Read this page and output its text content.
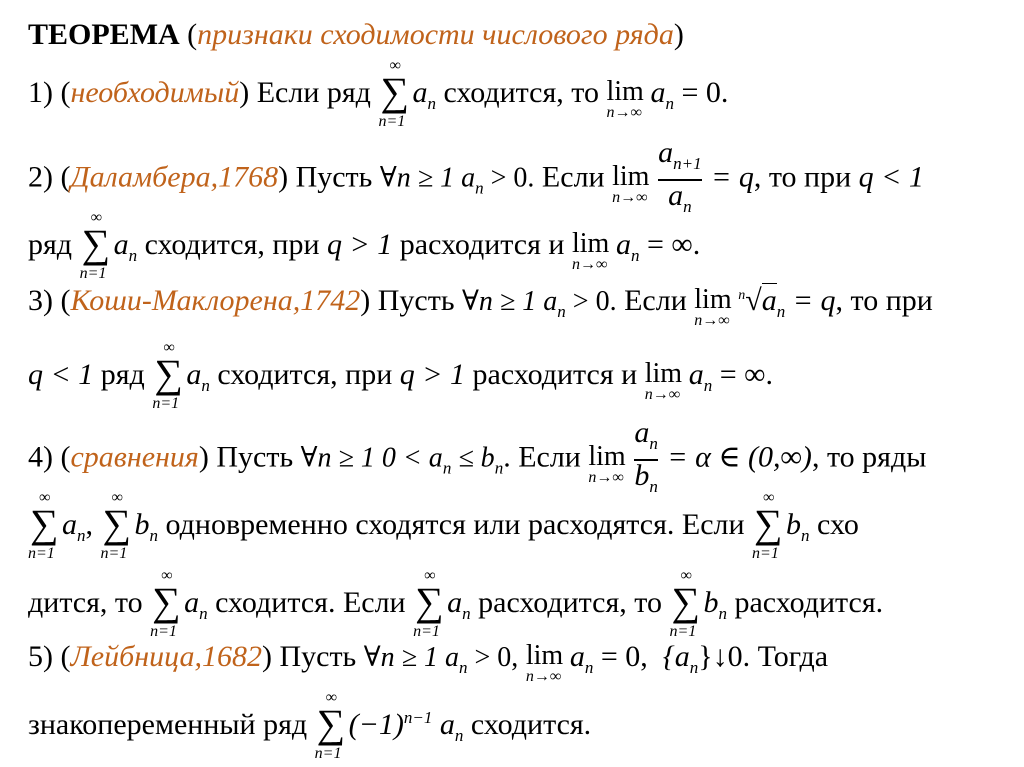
ТЕОРЕМА (признаки сходимости числового ряда)
1) (необходимый) Если ряд
∞
∑
n=1
$a_n$ сходится, то lim
n→∞
$a_n = 0$.
2) (Даламбера,1768) Пусть ∀n ≥ 1 $a_n > 0$. Если lim
$n\to\infty \frac{a_{n+1}}{a_n} = q$, то при q < 1
ряд
∞
∑
n=1
$a_n$ сходится, при q > 1 расходится и lim
n→∞
$a_n$ = ∞.
3) (Коши-Маклорена,1742) Пусть ∀n ≥ 1 $a_n > 0$. Если lim
n→∞
$^n√a_n = q$, то при
q < 1 ряд
∞
∑
n=1
$a_n$ сходится, при q > 1 расходится и lim
n→∞
$a_n$ = ∞.
4) (сравнения) Пусть ∀n ≥ 1 $0 < a_n \le b_n$. Если lim
$n\to\infty \frac{a_n}{b_n} = \alpha$ ∈ (0,∞), то ряды
∞
∑
n=1
$a_n$,
∞
∑
n=1
$b_n$ одновременно сходятся или расходятся. Если
∞
∑
n=1
$b_n$ схо
дится, то
∞
∑
n=1
$a_n$ сходится. Если
∞
∑
n=1
$a_n$ расходится, то
∞
∑
n=1
$b_n$ расходится.
5) (Лейбница,1682) Пусть ∀n ≥ 1 $a_n > 0$, lim
n→∞
$a_n = 0$, $\{a_n\}↓0$. Тогда
знакопеременный ряд
∞
∑
n=1
$(-1)^{n-1}$ $a_n$ сходится.
